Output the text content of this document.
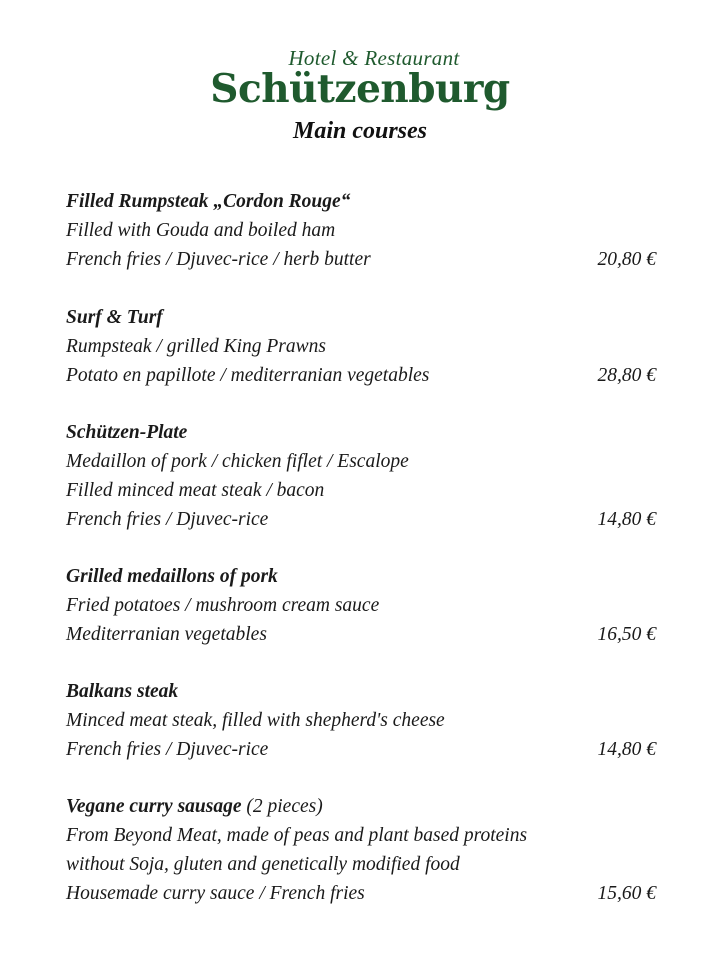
Hotel & Restaurant
Schützenburg
Main courses
Filled Rumpsteak „Cordon Rouge“
Filled with Gouda and boiled ham
French fries / Djuvec-rice / herb butter	20,80 €
Surf & Turf
Rumpsteak / grilled King Prawns
Potato en papillote / mediterranian vegetables	28,80 €
Schützen-Plate
Medaillon of pork / chicken fiflet / Escalope
Filled minced meat steak / bacon
French fries / Djuvec-rice	14,80 €
Grilled medaillons of pork
Fried potatoes / mushroom cream sauce
Mediterranian vegetables	16,50 €
Balkans steak
Minced meat steak, filled with shepherd's cheese
French fries / Djuvec-rice	14,80 €
Vegane curry sausage (2 pieces)
From Beyond Meat, made of peas and plant based proteins
without Soja, gluten and genetically modified food
Housemade curry sauce / French fries	15,60 €
